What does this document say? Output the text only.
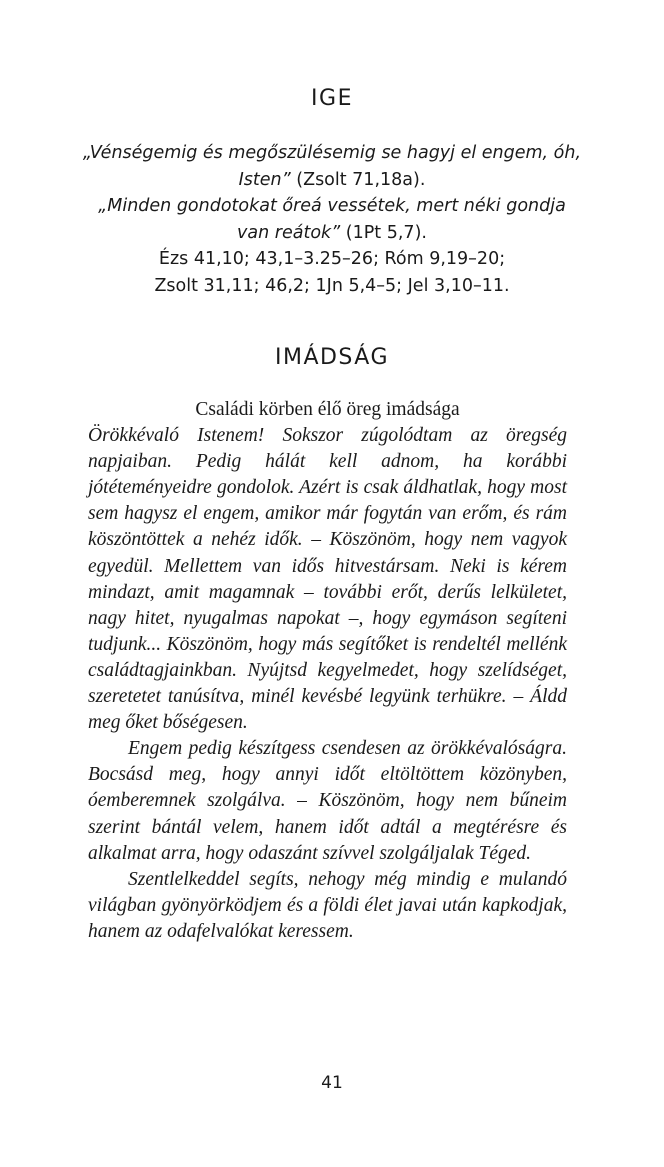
IGE

„Vénségemig és megőszülésemig se hagyj el engem, óh, Isten” (Zsolt 71,18a).

„Minden gondotokat őreá vessétek, mert néki gondja van reátok” (1Pt 5,7).

Ézs 41,10; 43,1–3.25–26; Róm 9,19–20;

Zsolt 31,11; 46,2; 1Jn 5,4–5; Jel 3,10–11.

IMÁDSÁG

Családi körben élő öreg imádsága

Örökkévaló Istenem! Sokszor zúgolódtam az öregség napjaiban. Pedig hálát kell adnom, ha korábbi jótéteményeidre gondolok. Azért is csak áldhatlak, hogy most sem hagysz el engem, amikor már fogytán van erőm, és rám köszöntöttek a nehéz idők. – Köszönöm, hogy nem vagyok egyedül. Mellettem van idős hitvestársam. Neki is kérem mindazt, amit magamnak – további erőt, derűs lelkületet, nagy hitet, nyugalmas napokat –, hogy egymáson segíteni tudjunk... Köszönöm, hogy más segítőket is rendeltél mellénk családtagjainkban. Nyújtsd kegyelmedet, hogy szelídséget, szeretetet tanúsítva, minél kevésbé legyünk terhükre. – Áldd meg őket bőségesen.

Engem pedig készítgess csendesen az örökkévalóságra. Bocsásd meg, hogy annyi időt eltöltöttem közönyben, óemberemnek szolgálva. – Köszönöm, hogy nem bűneim szerint bántál velem, hanem időt adtál a megtérésre és alkalmat arra, hogy odaszánt szívvel szolgáljalak Téged.

Szentlelkeddel segíts, nehogy még mindig e mulandó világban gyönyörködjem és a földi élet javai után kapkodjak, hanem az odafelvalókat keressem.

41
